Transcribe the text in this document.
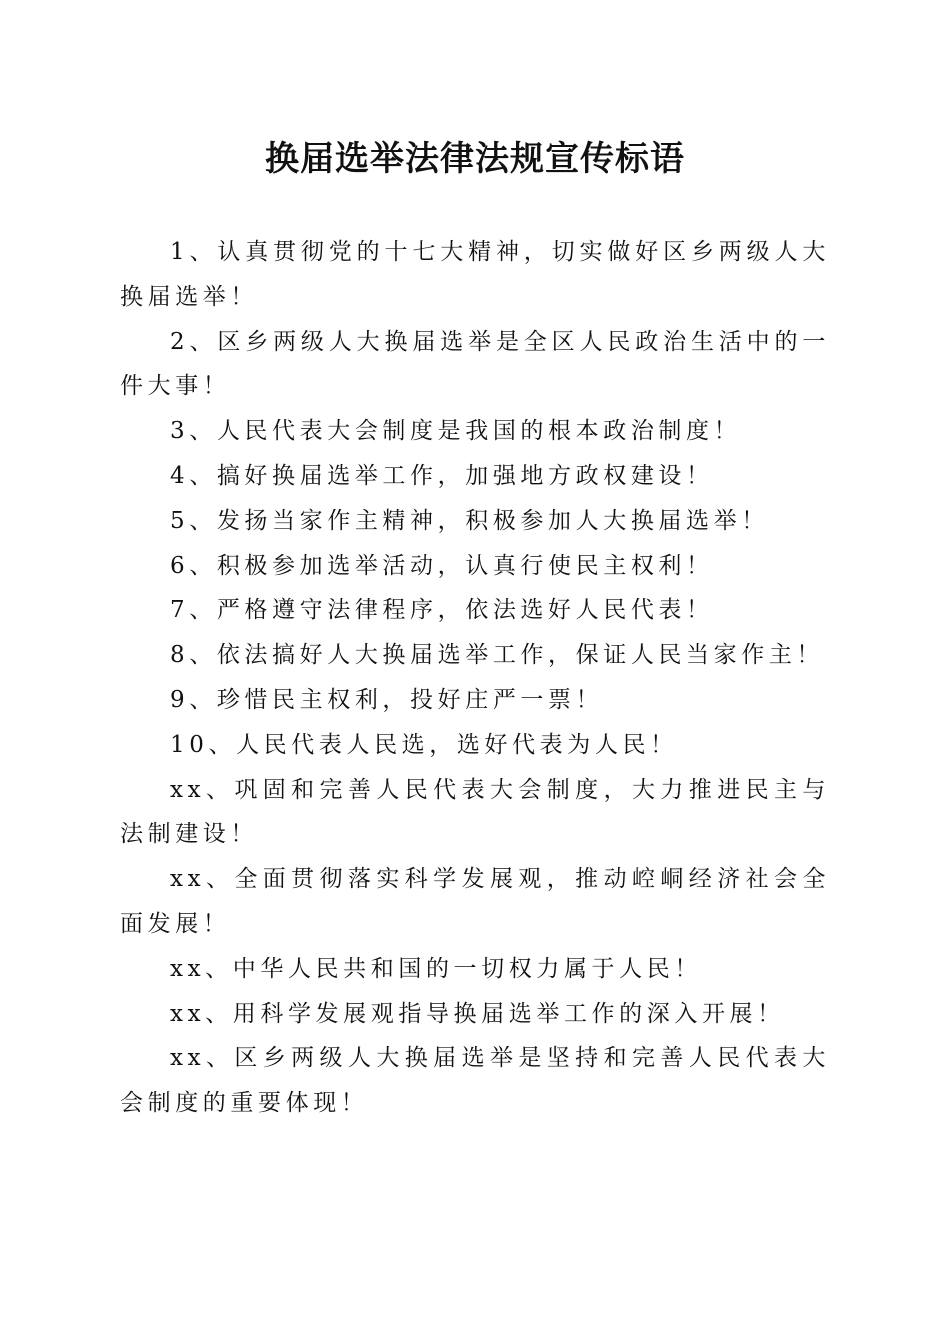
换届选举法律法规宣传标语

1、认真贯彻党的十七大精神，切实做好区乡两级人大换届选举！

2、区乡两级人大换届选举是全区人民政治生活中的一件大事！

3、人民代表大会制度是我国的根本政治制度！

4、搞好换届选举工作，加强地方政权建设！

5、发扬当家作主精神，积极参加人大换届选举！

6、积极参加选举活动，认真行使民主权利！

7、严格遵守法律程序，依法选好人民代表！

8、依法搞好人大换届选举工作，保证人民当家作主！

9、珍惜民主权利，投好庄严一票！

10、人民代表人民选，选好代表为人民！

xx、巩固和完善人民代表大会制度，大力推进民主与法制建设！

xx、全面贯彻落实科学发展观，推动崆峒经济社会全面发展！

xx、中华人民共和国的一切权力属于人民！

xx、用科学发展观指导换届选举工作的深入开展！

xx、区乡两级人大换届选举是坚持和完善人民代表大会制度的重要体现！
